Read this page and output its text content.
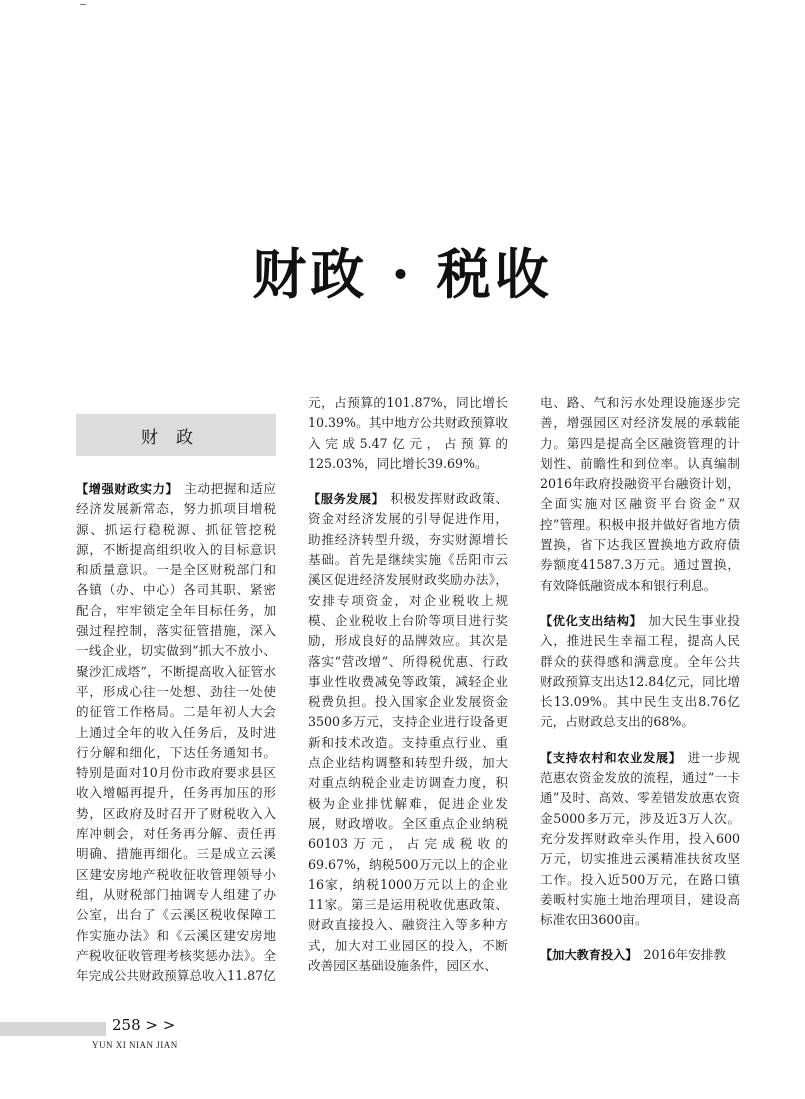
财政 · 税收
财政

【增强财政实力】 主动把握和适应经济发展新常态，努力抓项目增税源、抓运行稳税源、抓征管挖税源，不断提高组织收入的目标意识和质量意识。一是全区财税部门和各镇（办、中心）各司其职、紧密配合，牢牢锁定全年目标任务，加强过程控制，落实征管措施，深入一线企业，切实做到“抓大不放小、聚沙汇成塔”，不断提高收入征管水平，形成心往一处想、劲往一处使的征管工作格局。二是年初人大会上通过全年的收入任务后，及时进行分解和细化，下达任务通知书。特别是面对10月份市政府要求县区收入增幅再提升，任务再加压的形势，区政府及时召开了财税收入入库冲刺会，对任务再分解、责任再明确、措施再细化。三是成立云溪区建安房地产税收征收管理领导小组，从财税部门抽调专人组建了办公室，出台了《云溪区税收保障工作实施办法》和《云溪区建安房地产税收征收管理考核奖惩办法》。全年完成公共财政预算总收入11.87亿

元，占预算的101.87%，同比增长10.39%。其中地方公共财政预算收入完成5.47亿元，占预算的125.03%，同比增长39.69%。

【服务发展】 积极发挥财政政策、资金对经济发展的引导促进作用，助推经济转型升级，夯实财源增长基础。首先是继续实施《岳阳市云溪区促进经济发展财政奖励办法》，安排专项资金，对企业税收上规模、企业税收上台阶等项目进行奖励，形成良好的品牌效应。其次是落实“营改增”、所得税优惠、行政事业性收费减免等政策，减轻企业税费负担。投入国家企业发展资金3500多万元，支持企业进行设备更新和技术改造。支持重点行业、重点企业结构调整和转型升级，加大对重点纳税企业走访调查力度，积极为企业排忧解难，促进企业发展，财政增收。全区重点企业纳税60103万元，占完成税收的69.67%，纳税500万元以上的企业16家，纳税1000万元以上的企业11家。第三是运用税收优惠政策、财政直接投入、融资注入等多种方式，加大对工业园区的投入，不断改善园区基础设施条件，园区水、

电、路、气和污水处理设施逐步完善，增强园区对经济发展的承载能力。第四是提高全区融资管理的计划性、前瞻性和到位率。认真编制2016年政府投融资平台融资计划，全面实施对区融资平台资金“双控”管理。积极申报并做好省地方债置换，省下达我区置换地方政府债券额度41587.3万元。通过置换，有效降低融资成本和银行利息。

【优化支出结构】 加大民生事业投入，推进民生幸福工程，提高人民群众的获得感和满意度。全年公共财政预算支出达12.84亿元，同比增长13.09%。其中民生支出8.76亿元，占财政总支出的68%。

【支持农村和农业发展】 进一步规范惠农资金发放的流程，通过“一卡通”及时、高效、零差错发放惠农资金5000多万元，涉及近3万人次。充分发挥财政牵头作用，投入600万元，切实推进云溪精准扶贫攻坚工作。投入近500万元，在路口镇姜畈村实施土地治理项目，建设高标准农田3600亩。

【加大教育投入】 2016年安排教

258 > >
YUN XI NIAN JIAN
